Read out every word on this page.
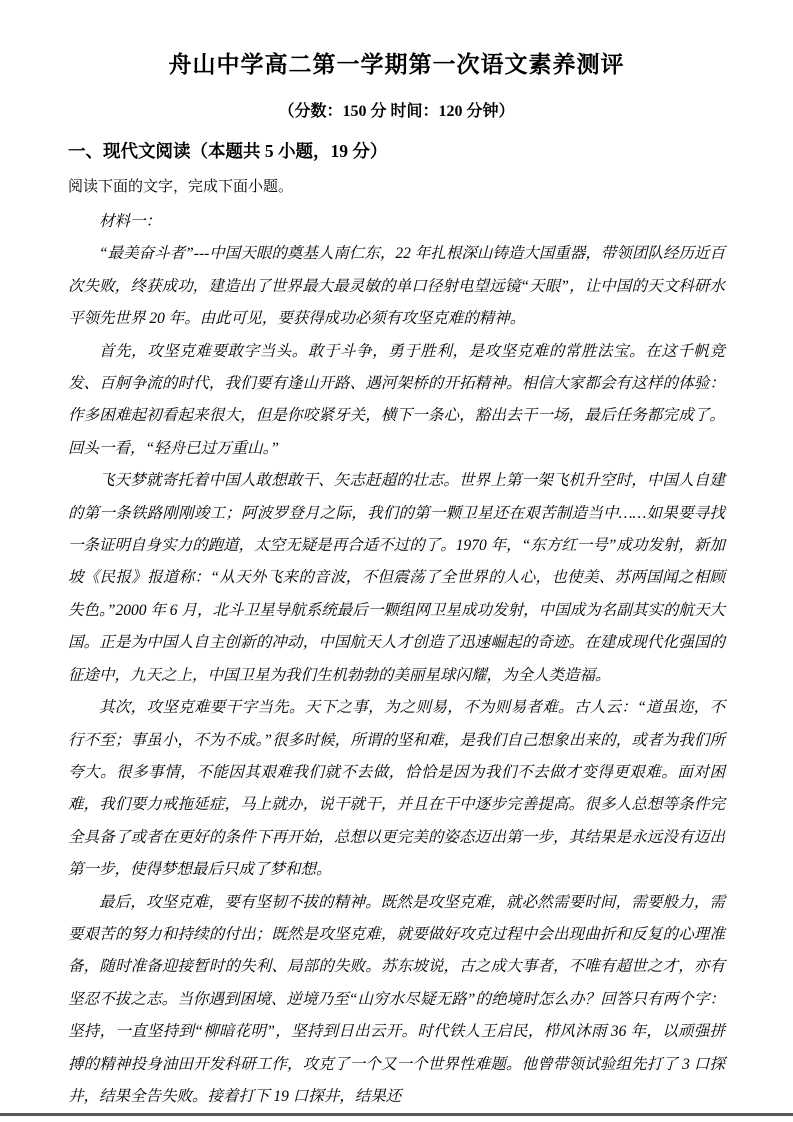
舟山中学高二第一学期第一次语文素养测评
（分数：150 分 时间：120 分钟）
一、现代文阅读（本题共 5 小题，19 分）

阅读下面的文字，完成下面小题。

材料一：

“最美奋斗者”---中国天眼的奠基人南仁东，22 年扎根深山铸造大国重器，带领团队经历近百次失败，终获成功，建造出了世界最大最灵敏的单口径射电望远镜“天眼”，让中国的天文科研水平领先世界 20 年。由此可见，要获得成功必须有攻坚克难的精神。

首先，攻坚克难要敢字当头。敢于斗争，勇于胜利，是攻坚克难的常胜法宝。在这千帆竞发、百舸争流的时代，我们要有逢山开路、遇河架桥的开拓精神。相信大家都会有这样的体验：作多困难起初看起来很大，但是你咬紧牙关，横下一条心，豁出去干一场，最后任务都完成了。回头一看，“轻舟已过万重山。”

飞天梦就寄托着中国人敢想敢干、矢志赶超的壮志。世界上第一架飞机升空时，中国人自建的第一条铁路刚刚竣工；阿波罗登月之际，我们的第一颗卫星还在艰苦制造当中……如果要寻找一条证明自身实力的跑道，太空无疑是再合适不过的了。1970 年，“东方红一号”成功发射，新加坡《民报》报道称：“从天外飞来的音波，不但震荡了全世界的人心，也使美、苏两国闻之相顾失色。”2000 年 6 月，北斗卫星导航系统最后一颗组网卫星成功发射，中国成为名副其实的航天大国。正是为中国人自主创新的冲动，中国航天人才创造了迅速崛起的奇迹。在建成现代化强国的征途中，九天之上，中国卫星为我们生机勃勃的美丽星球闪耀，为全人类造福。

其次，攻坚克难要干字当先。天下之事，为之则易，不为则易者难。古人云：“道虽迩，不行不至；事虽小，不为不成。”很多时候，所谓的坚和难，是我们自己想象出来的，或者为我们所夸大。很多事情，不能因其艰难我们就不去做，恰恰是因为我们不去做才变得更艰难。面对困难，我们要力戒拖延症，马上就办，说干就干，并且在干中逐步完善提高。很多人总想等条件完全具备了或者在更好的条件下再开始，总想以更完美的姿态迈出第一步，其结果是永远没有迈出第一步，使得梦想最后只成了梦和想。

最后，攻坚克难，要有坚韧不拔的精神。既然是攻坚克难，就必然需要时间，需要般力，需要艰苦的努力和持续的付出；既然是攻坚克难，就要做好攻克过程中会出现曲折和反复的心理准备，随时准备迎接暂时的失利、局部的失败。苏东坡说，古之成大事者，不唯有超世之才，亦有坚忍不拔之志。当你遇到困境、逆境乃至“山穷水尽疑无路”的绝境时怎么办？回答只有两个字：坚持，一直坚持到“柳暗花明”，坚持到日出云开。时代铁人王启民，栉风沐雨 36 年，以顽强拼搏的精神投身油田开发科研工作，攻克了一个又一个世界性难题。他曾带领试验组先打了 3 口探井，结果全告失败。接着打下 19 口探井，结果还
